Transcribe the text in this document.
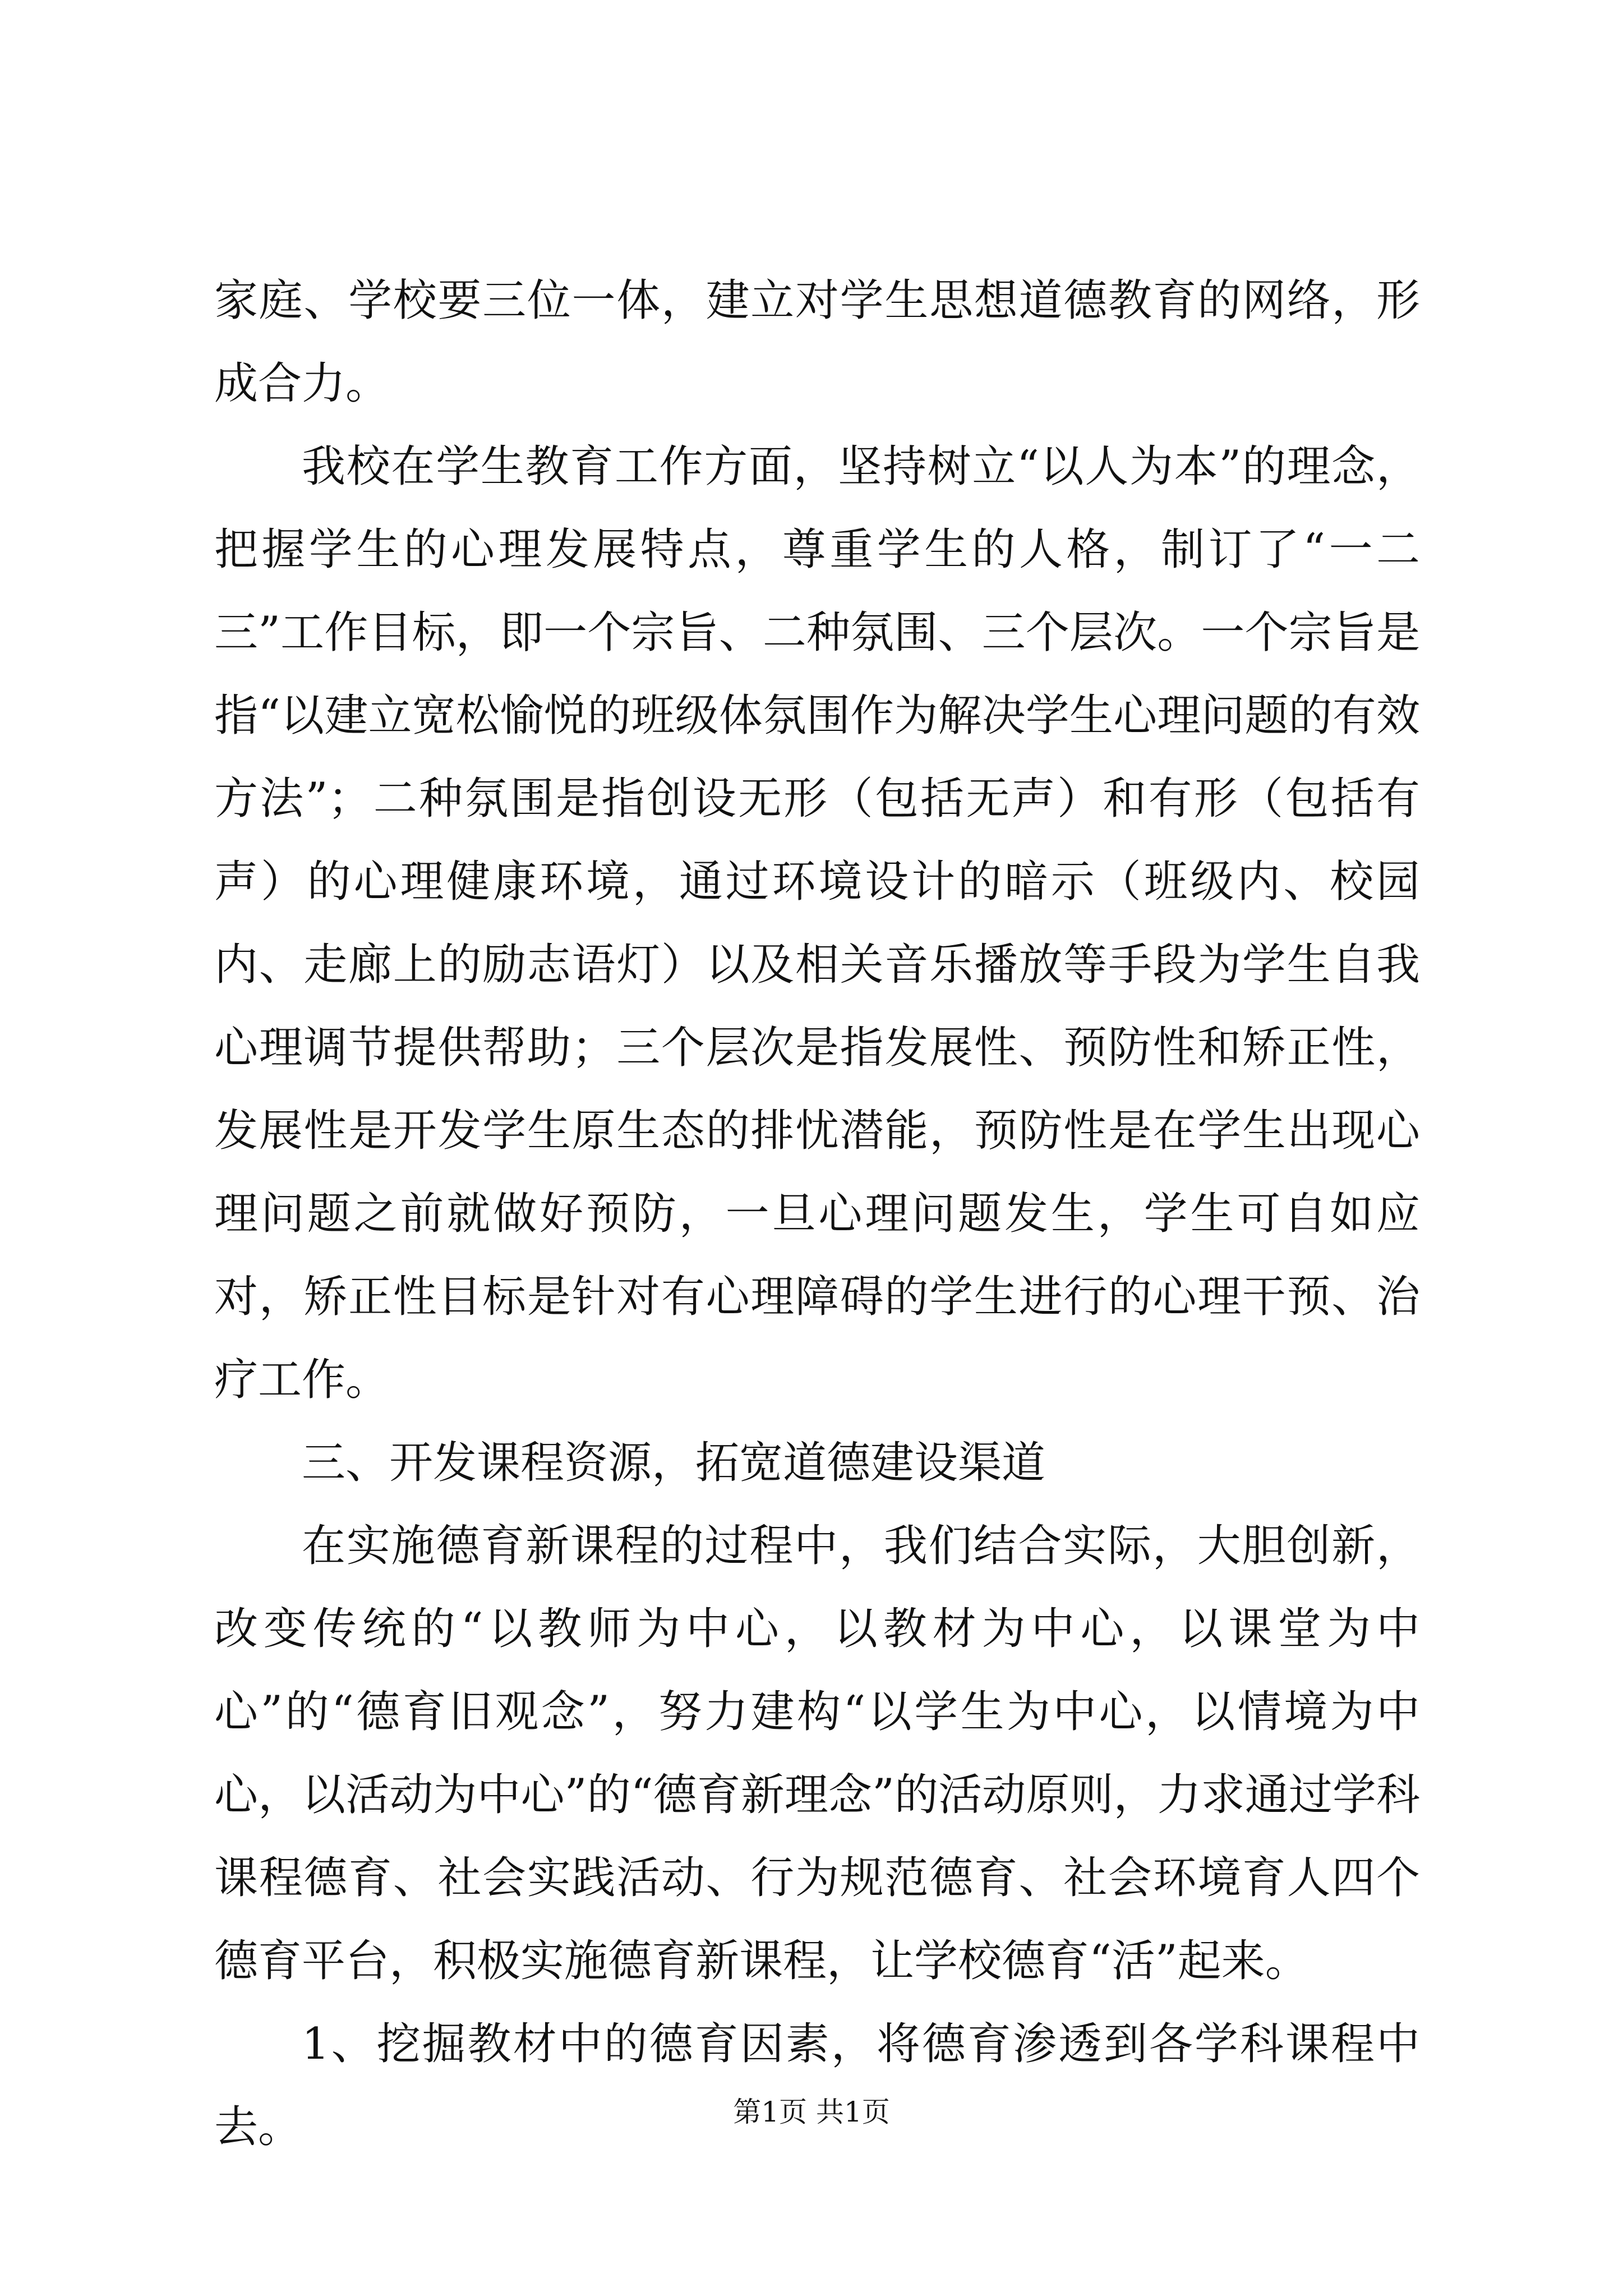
家庭、学校要三位一体，建立对学生思想道德教育的网络，形成合力。

我校在学生教育工作方面，坚持树立“以人为本”的理念，把握学生的心理发展特点，尊重学生的人格，制订了“一二三”工作目标，即一个宗旨、二种氛围、三个层次。一个宗旨是指“以建立宽松愉悦的班级体氛围作为解决学生心理问题的有效方法”；二种氛围是指创设无形（包括无声）和有形（包括有声）的心理健康环境，通过环境设计的暗示（班级内、校园内、走廊上的励志语灯）以及相关音乐播放等手段为学生自我心理调节提供帮助；三个层次是指发展性、预防性和矫正性，发展性是开发学生原生态的排忧潜能，预防性是在学生出现心理问题之前就做好预防，一旦心理问题发生，学生可自如应对，矫正性目标是针对有心理障碍的学生进行的心理干预、治疗工作。

三、开发课程资源，拓宽道德建设渠道

在实施德育新课程的过程中，我们结合实际，大胆创新，改变传统的“以教师为中心，以教材为中心，以课堂为中心”的“德育旧观念”，努力建构“以学生为中心，以情境为中心，以活动为中心”的“德育新理念”的活动原则，力求通过学科课程德育、社会实践活动、行为规范德育、社会环境育人四个德育平台，积极实施德育新课程，让学校德育“活”起来。

1、挖掘教材中的德育因素，将德育渗透到各学科课程中去。	第1页 共1页
